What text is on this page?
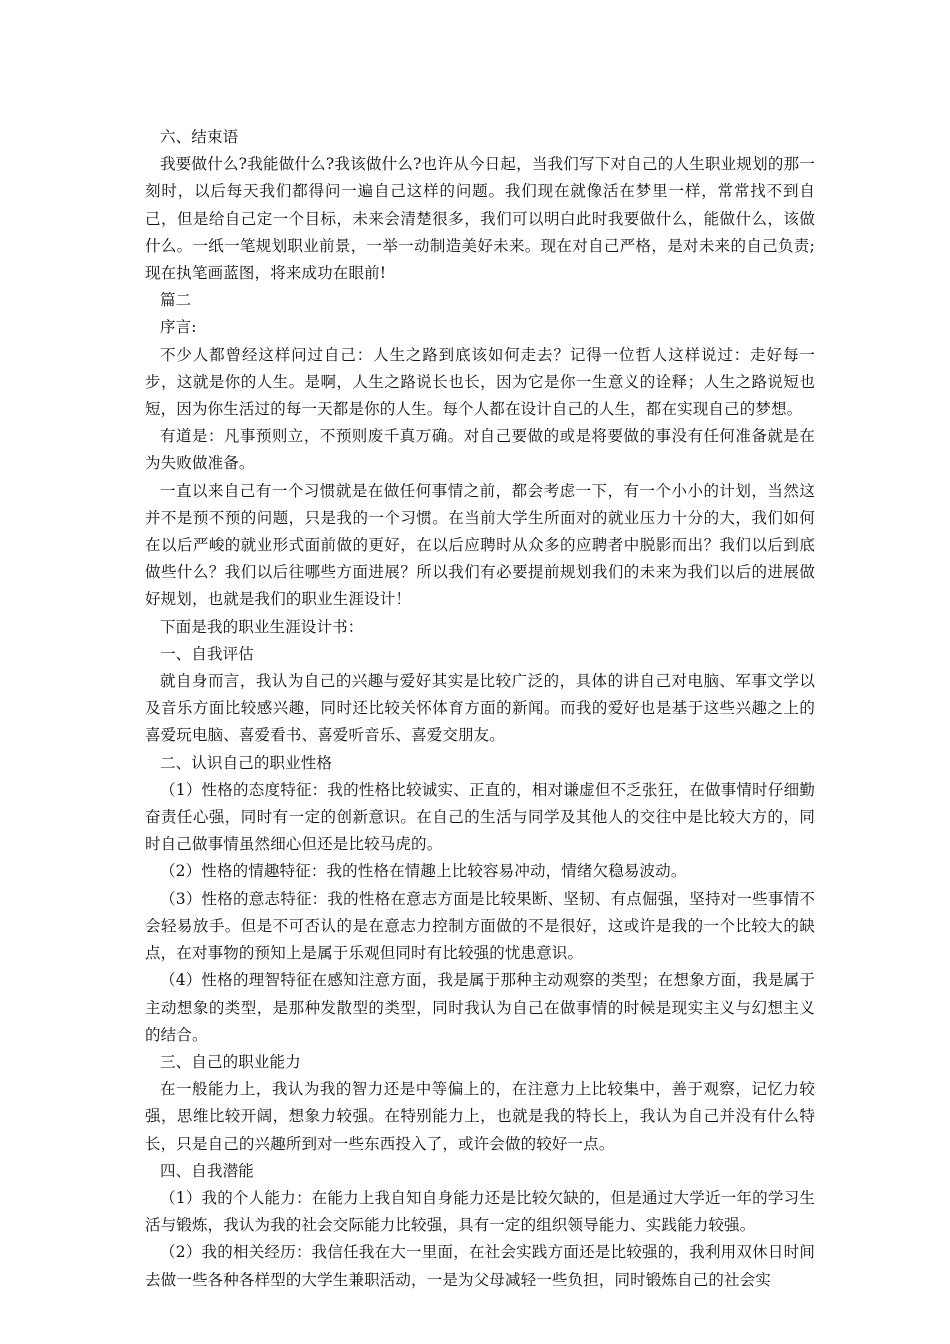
六、结束语

我要做什么?我能做什么?我该做什么?也许从今日起，当我们写下对自己的人生职业规划的那一刻时，以后每天我们都得问一遍自己这样的问题。我们现在就像活在梦里一样，常常找不到自己，但是给自己定一个目标，未来会清楚很多，我们可以明白此时我要做什么，能做什么，该做什么。一纸一笔规划职业前景，一举一动制造美好未来。现在对自己严格，是对未来的自己负责;现在执笔画蓝图，将来成功在眼前!

篇二

序言:

不少人都曾经这样问过自己：人生之路到底该如何走去？记得一位哲人这样说过：走好每一步，这就是你的人生。是啊，人生之路说长也长，因为它是你一生意义的诠释；人生之路说短也短，因为你生活过的每一天都是你的人生。每个人都在设计自己的人生，都在实现自己的梦想。

有道是：凡事预则立，不预则废千真万确。对自己要做的或是将要做的事没有任何准备就是在为失败做准备。

一直以来自己有一个习惯就是在做任何事情之前，都会考虑一下，有一个小小的计划，当然这并不是预不预的问题，只是我的一个习惯。在当前大学生所面对的就业压力十分的大，我们如何在以后严峻的就业形式面前做的更好，在以后应聘时从众多的应聘者中脱影而出？我们以后到底做些什么？我们以后往哪些方面进展？所以我们有必要提前规划我们的未来为我们以后的进展做好规划，也就是我们的职业生涯设计！

下面是我的职业生涯设计书：

一、自我评估

就自身而言，我认为自己的兴趣与爱好其实是比较广泛的，具体的讲自己对电脑、军事文学以及音乐方面比较感兴趣，同时还比较关怀体育方面的新闻。而我的爱好也是基于这些兴趣之上的喜爱玩电脑、喜爱看书、喜爱听音乐、喜爱交朋友。

二、认识自己的职业性格

（1）性格的态度特征：我的性格比较诚实、正直的，相对谦虚但不乏张狂，在做事情时仔细勤奋责任心强，同时有一定的创新意识。在自己的生活与同学及其他人的交往中是比较大方的，同时自己做事情虽然细心但还是比较马虎的。

（2）性格的情趣特征：我的性格在情趣上比较容易冲动，情绪欠稳易波动。

（3）性格的意志特征：我的性格在意志方面是比较果断、坚韧、有点倔强，坚持对一些事情不会轻易放手。但是不可否认的是在意志力控制方面做的不是很好，这或许是我的一个比较大的缺点，在对事物的预知上是属于乐观但同时有比较强的忧患意识。

（4）性格的理智特征在感知注意方面，我是属于那种主动观察的类型；在想象方面，我是属于主动想象的类型，是那种发散型的类型，同时我认为自己在做事情的时候是现实主义与幻想主义的结合。

三、自己的职业能力

在一般能力上，我认为我的智力还是中等偏上的，在注意力上比较集中，善于观察，记忆力较强，思维比较开阔，想象力较强。在特别能力上，也就是我的特长上，我认为自己并没有什么特长，只是自己的兴趣所到对一些东西投入了，或许会做的较好一点。

四、自我潜能

（1）我的个人能力：在能力上我自知自身能力还是比较欠缺的，但是通过大学近一年的学习生活与锻炼，我认为我的社会交际能力比较强，具有一定的组织领导能力、实践能力较强。

（2）我的相关经历：我信任我在大一里面，在社会实践方面还是比较强的，我利用双休日时间去做一些各种各样型的大学生兼职活动，一是为父母减轻一些负担，同时锻炼自己的社会实
